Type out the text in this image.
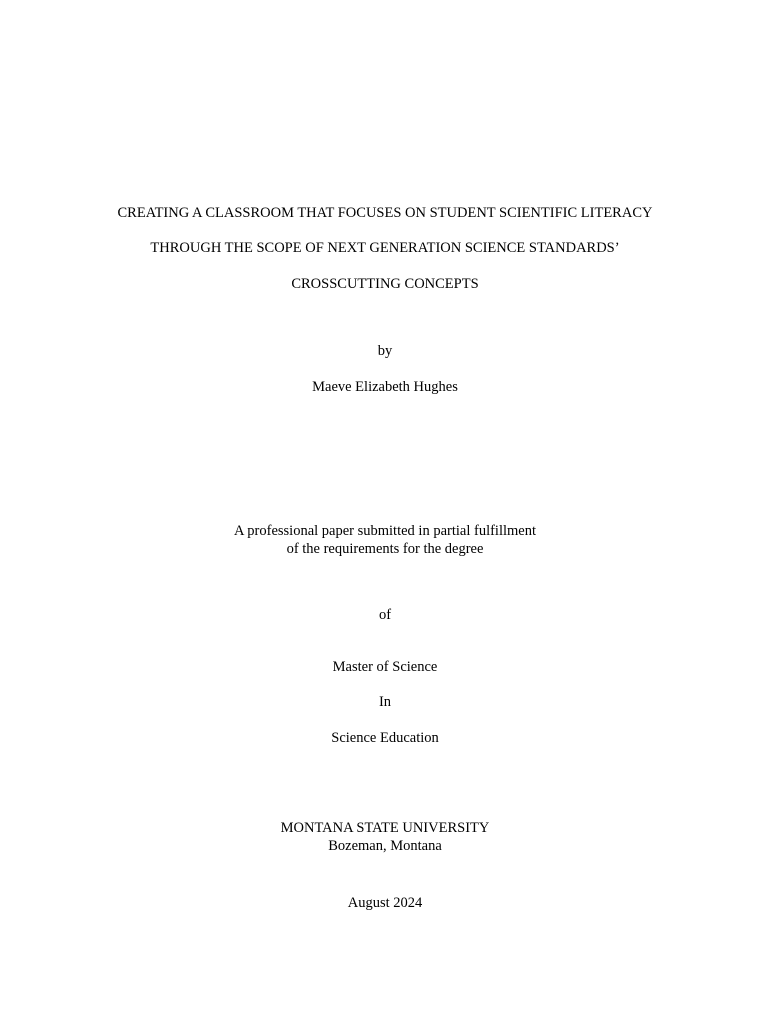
CREATING A CLASSROOM THAT FOCUSES ON STUDENT SCIENTIFIC LITERACY
THROUGH THE SCOPE OF NEXT GENERATION SCIENCE STANDARDS’
CROSSCUTTING CONCEPTS
by
Maeve Elizabeth Hughes
A professional paper submitted in partial fulfillment
of the requirements for the degree
of
Master of Science
In
Science Education
MONTANA STATE UNIVERSITY
Bozeman, Montana
August 2024
